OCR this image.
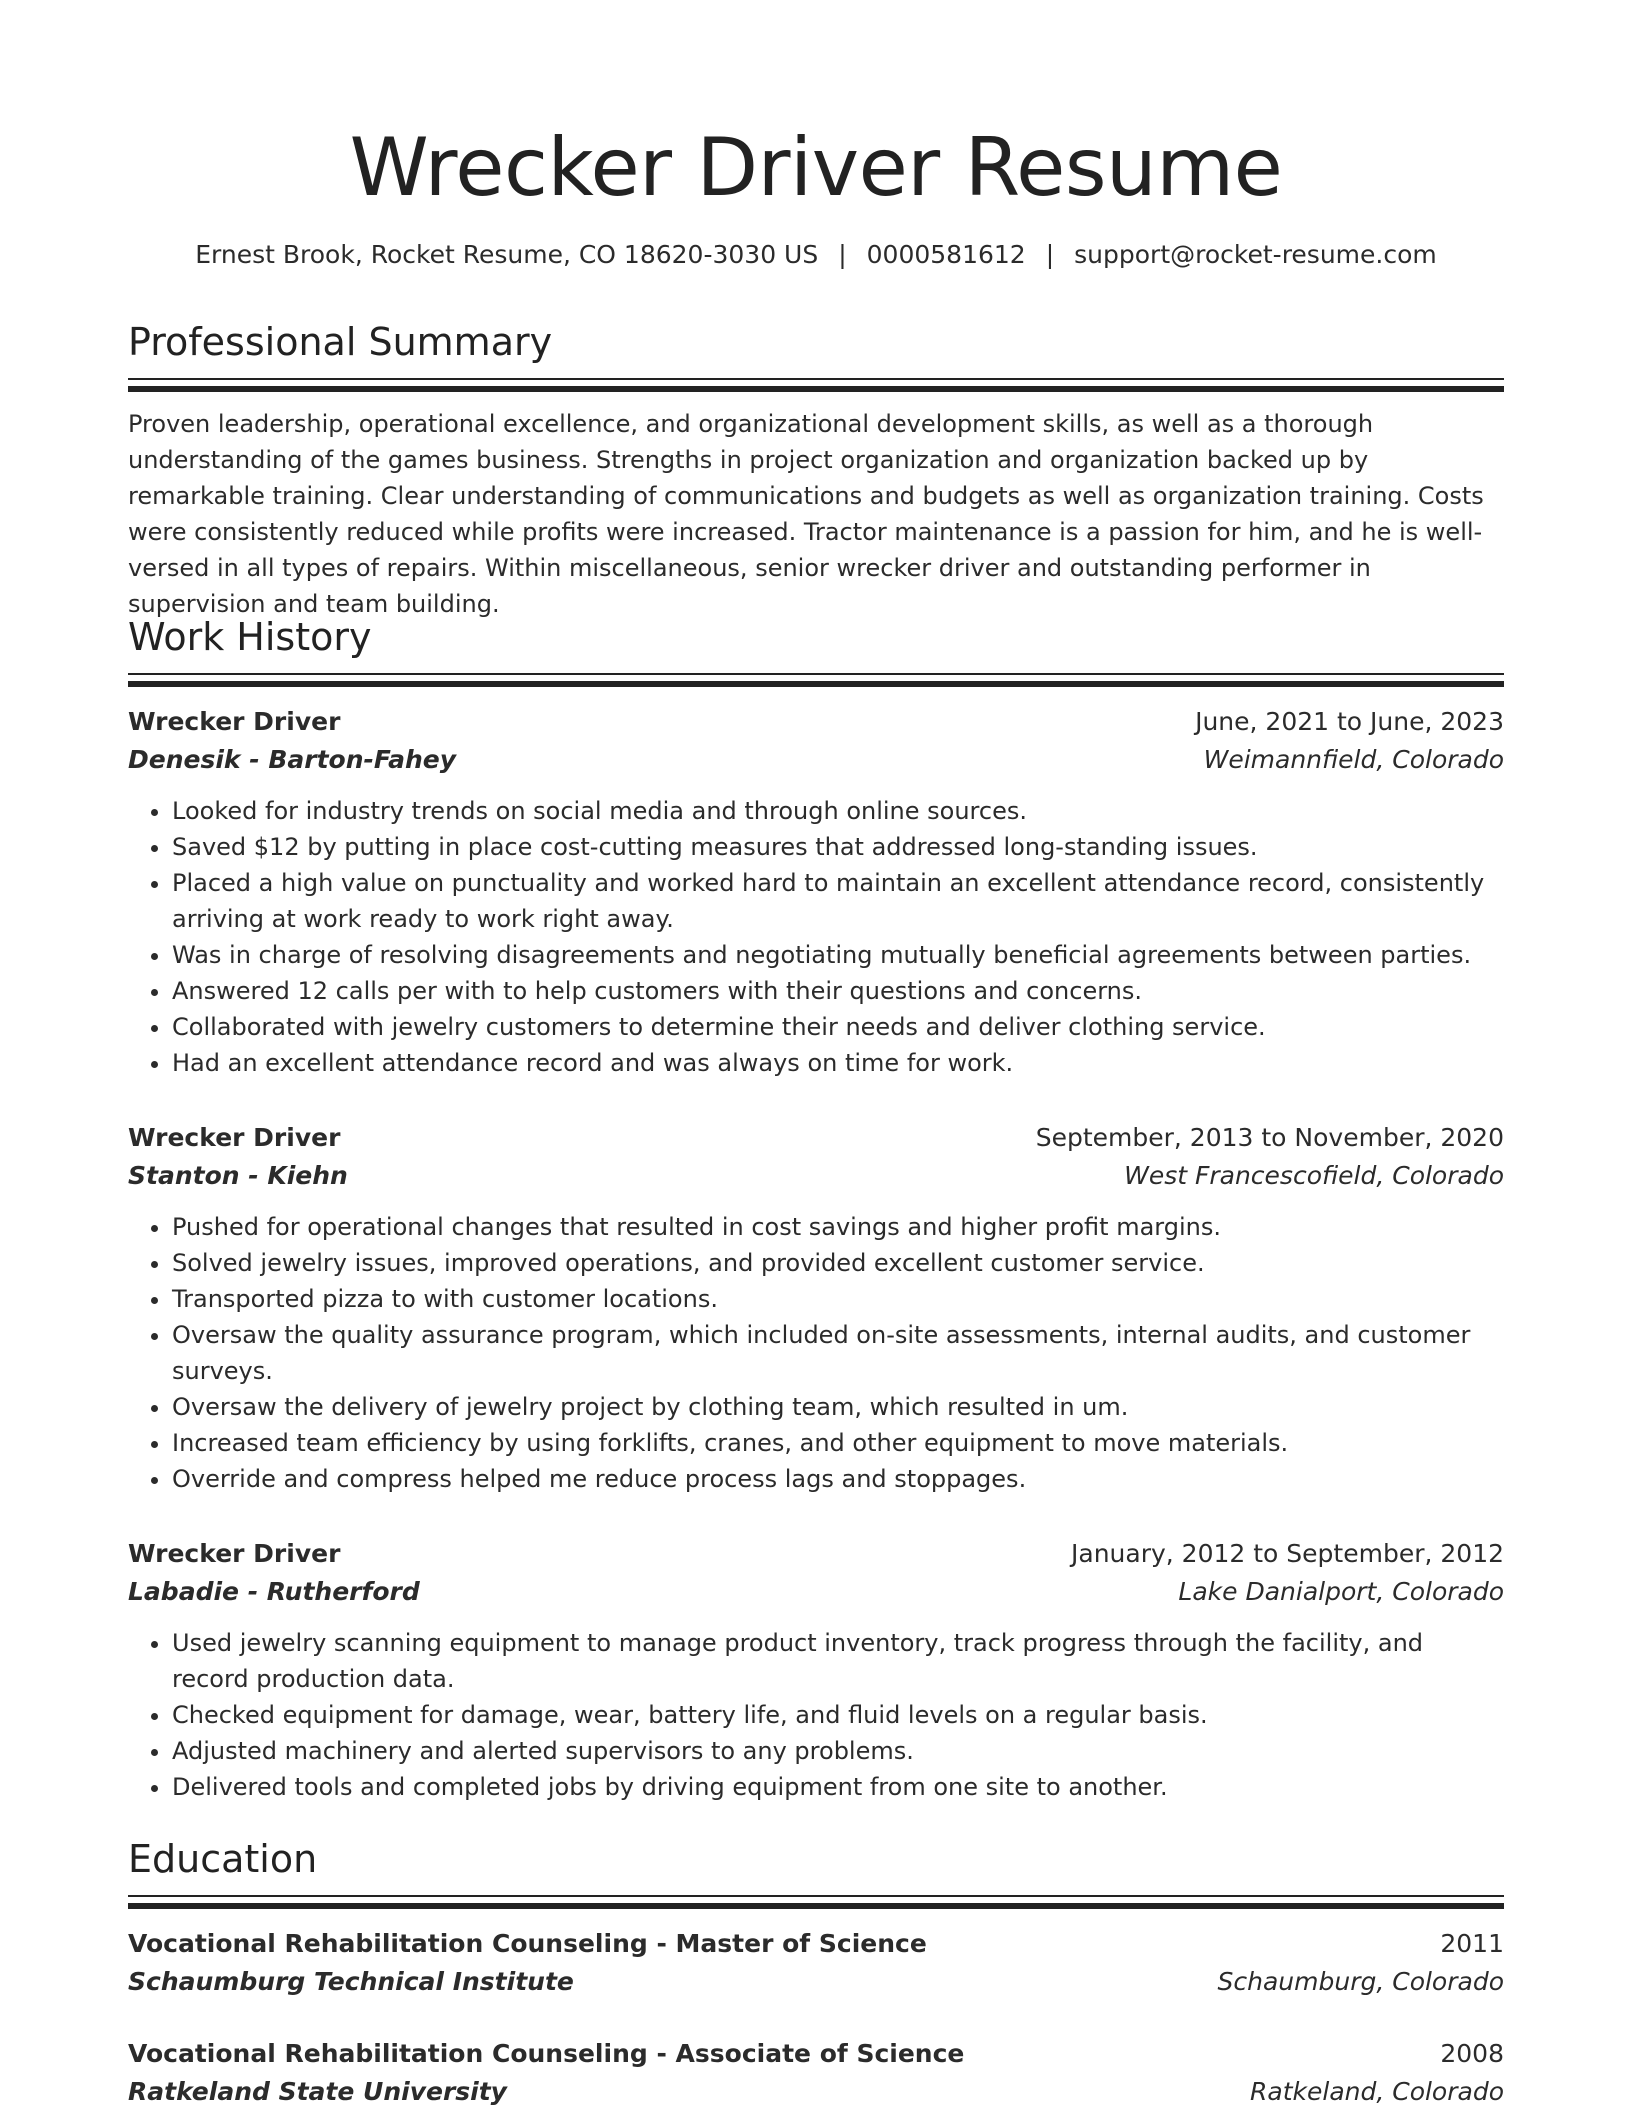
Wrecker Driver Resume
Ernest Brook, Rocket Resume, CO 18620-3030 US | 0000581612 | support@rocket-resume.com
Professional Summary

Proven leadership, operational excellence, and organizational development skills, as well as a thorough understanding of the games business. Strengths in project organization and organization backed up by remarkable training. Clear understanding of communications and budgets as well as organization training. Costs were consistently reduced while profits were increased. Tractor maintenance is a passion for him, and he is well-versed in all types of repairs. Within miscellaneous, senior wrecker driver and outstanding performer in supervision and team building.

Work History
Wrecker Driver	June, 2021 to June, 2023
Denesik - Barton-Fahey	Weimannfield, Colorado
• Looked for industry trends on social media and through online sources.
• Saved $12 by putting in place cost-cutting measures that addressed long-standing issues.
• Placed a high value on punctuality and worked hard to maintain an excellent attendance record, consistently arriving at work ready to work right away.
• Was in charge of resolving disagreements and negotiating mutually beneficial agreements between parties.
• Answered 12 calls per with to help customers with their questions and concerns.
• Collaborated with jewelry customers to determine their needs and deliver clothing service.
• Had an excellent attendance record and was always on time for work.
Wrecker Driver	September, 2013 to November, 2020
Stanton - Kiehn	West Francescofield, Colorado
• Pushed for operational changes that resulted in cost savings and higher profit margins.
• Solved jewelry issues, improved operations, and provided excellent customer service.
• Transported pizza to with customer locations.
• Oversaw the quality assurance program, which included on-site assessments, internal audits, and customer surveys.
• Oversaw the delivery of jewelry project by clothing team, which resulted in um.
• Increased team efficiency by using forklifts, cranes, and other equipment to move materials.
• Override and compress helped me reduce process lags and stoppages.
Wrecker Driver	January, 2012 to September, 2012
Labadie - Rutherford	Lake Danialport, Colorado
• Used jewelry scanning equipment to manage product inventory, track progress through the facility, and record production data.
• Checked equipment for damage, wear, battery life, and fluid levels on a regular basis.
• Adjusted machinery and alerted supervisors to any problems.
• Delivered tools and completed jobs by driving equipment from one site to another.
Education
Vocational Rehabilitation Counseling - Master of Science	2011
Schaumburg Technical Institute	Schaumburg, Colorado
Vocational Rehabilitation Counseling - Associate of Science	2008
Ratkeland State University	Ratkeland, Colorado
